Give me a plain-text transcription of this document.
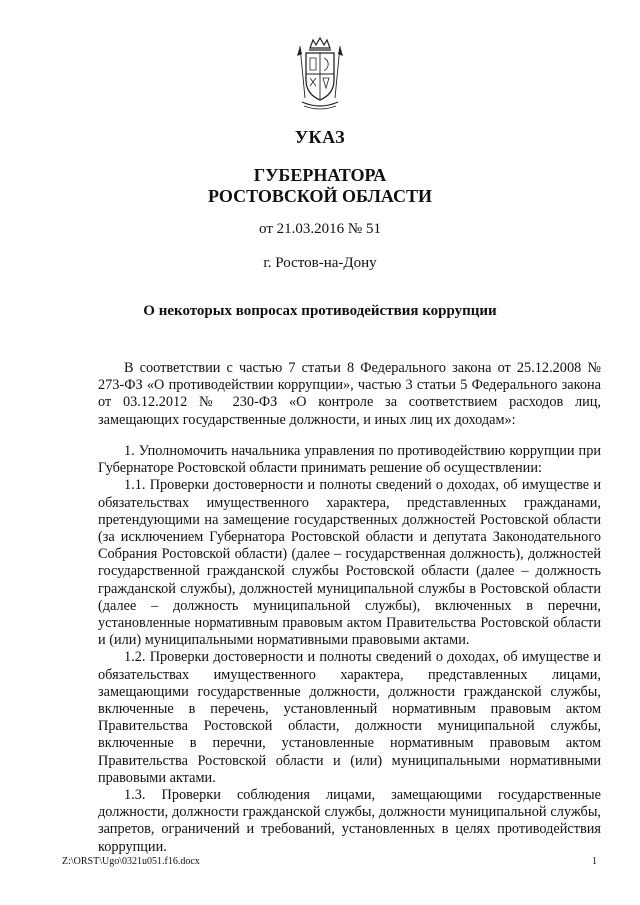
УКАЗ
ГУБЕРНАТОРА
РОСТОВСКОЙ ОБЛАСТИ
от 21.03.2016 № 51
г. Ростов-на-Дону
О некоторых вопросах противодействия коррупции

В соответствии с частью 7 статьи 8 Федерального закона от 25.12.2008 № 273-ФЗ «О противодействии коррупции», частью 3 статьи 5 Федерального закона от 03.12.2012 № 230-ФЗ «О контроле за соответствием расходов лиц, замещающих государственные должности, и иных лиц их доходам»:

1. Уполномочить начальника управления по противодействию коррупции при Губернаторе Ростовской области принимать решение об осуществлении:

1.1. Проверки достоверности и полноты сведений о доходах, об имуществе и обязательствах имущественного характера, представленных гражданами, претендующими на замещение государственных должностей Ростовской области (за исключением Губернатора Ростовской области и депутата Законодательного Собрания Ростовской области) (далее – государственная должность), должностей государственной гражданской службы Ростовской области (далее – должность гражданской службы), должностей муниципальной службы в Ростовской области (далее – должность муниципальной службы), включенных в перечни, установленные нормативным правовым актом Правительства Ростовской области и (или) муниципальными нормативными правовыми актами.

1.2. Проверки достоверности и полноты сведений о доходах, об имуществе и обязательствах имущественного характера, представленных лицами, замещающими государственные должности, должности гражданской службы, включенные в перечень, установленный нормативным правовым актом Правительства Ростовской области, должности муниципальной службы, включенные в перечни, установленные нормативным правовым актом Правительства Ростовской области и (или) муниципальными нормативными правовыми актами.

1.3. Проверки соблюдения лицами, замещающими государственные должности, должности гражданской службы, должности муниципальной службы, запретов, ограничений и требований, установленных в целях противодействия коррупции.

Z:\ORST\Ugo\0321u051.f16.docx	1
